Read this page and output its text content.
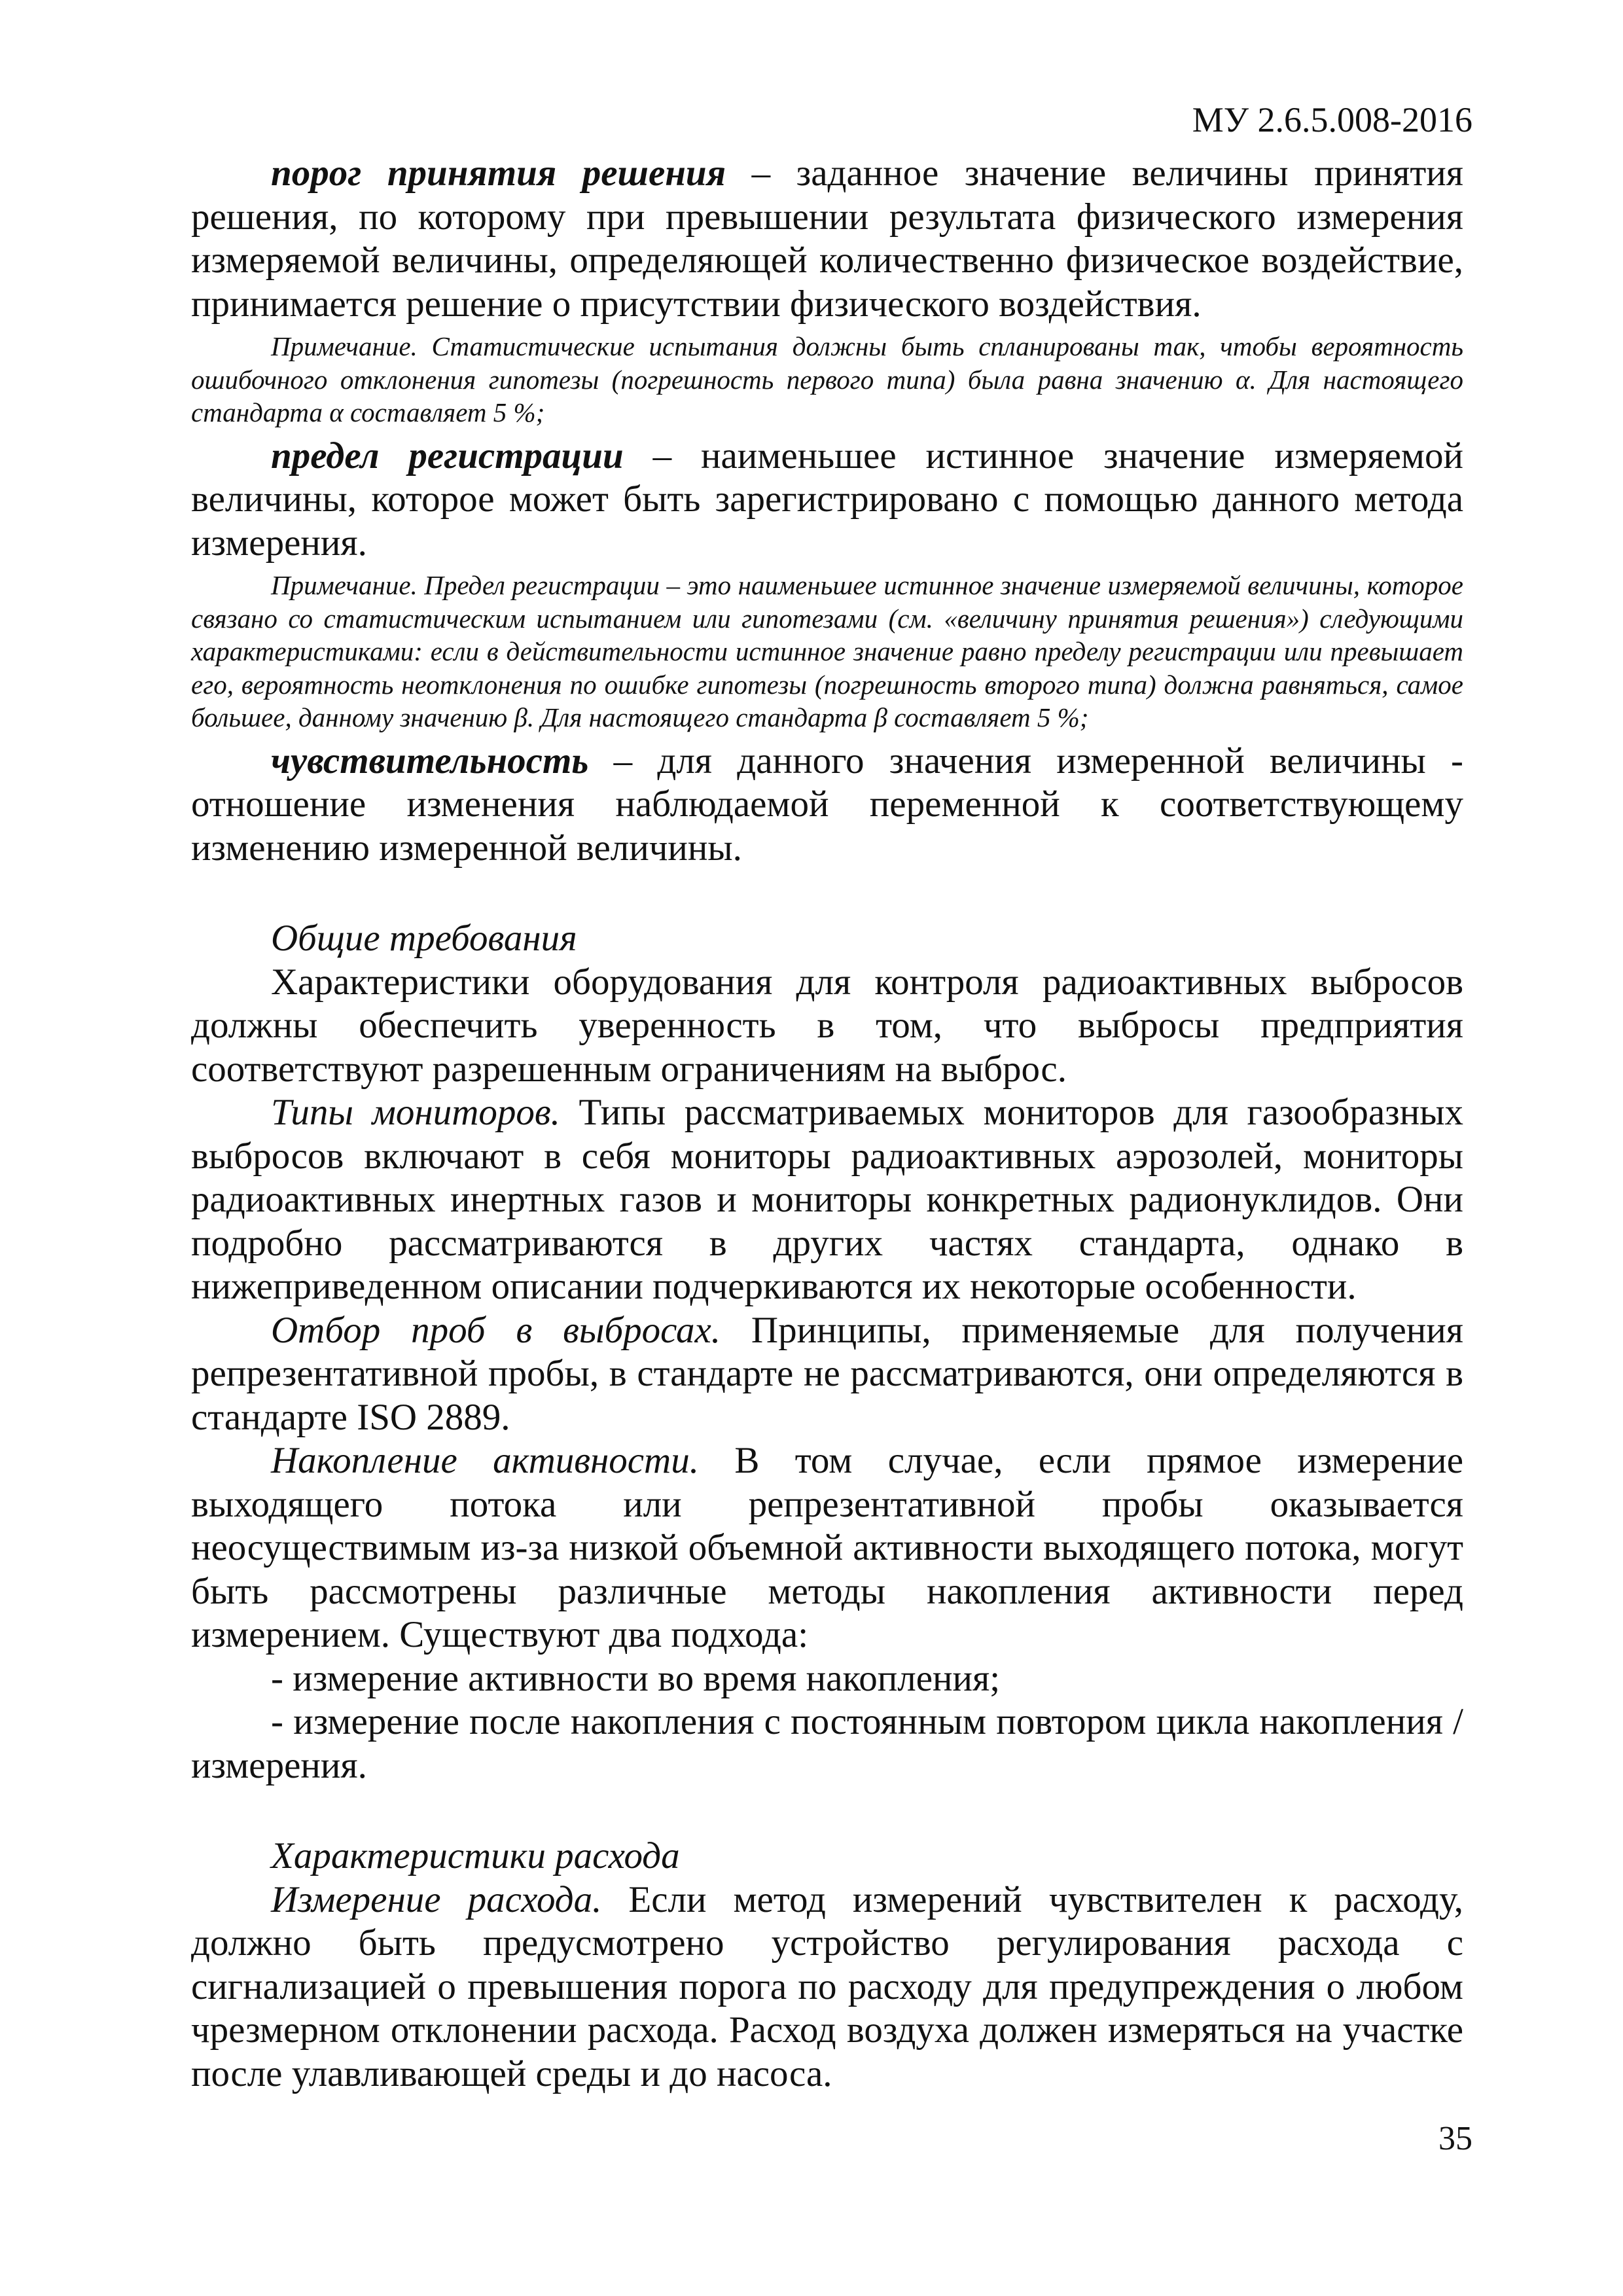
МУ 2.6.5.008-2016

порог принятия решения – заданное значение величины принятия решения, по которому при превышении результата физического измерения измеряемой величины, определяющей количественно физическое воздействие, принимается решение о присутствии физического воздействия.

Примечание. Статистические испытания должны быть спланированы так, чтобы вероятность ошибочного отклонения гипотезы (погрешность первого типа) была равна значению α. Для настоящего стандарта α составляет 5 %;

предел регистрации – наименьшее истинное значение измеряемой величины, которое может быть зарегистрировано с помощью данного метода измерения.

Примечание. Предел регистрации – это наименьшее истинное значение измеряемой величины, которое связано со статистическим испытанием или гипотезами (см. «величину принятия решения») следующими характеристиками: если в действительности истинное значение равно пределу регистрации или превышает его, вероятность неотклонения по ошибке гипотезы (погрешность второго типа) должна равняться, самое большее, данному значению β. Для настоящего стандарта β составляет 5 %;

чувствительность – для данного значения измеренной величины - отношение изменения наблюдаемой переменной к соответствующему изменению измеренной величины.

Общие требования

Характеристики оборудования для контроля радиоактивных выбросов должны обеспечить уверенность в том, что выбросы предприятия соответствуют разрешенным ограничениям на выброс.

Типы мониторов. Типы рассматриваемых мониторов для газообразных выбросов включают в себя мониторы радиоактивных аэрозолей, мониторы радиоактивных инертных газов и мониторы конкретных радионуклидов. Они подробно рассматриваются в других частях стандарта, однако в нижеприведенном описании подчеркиваются их некоторые особенности.

Отбор проб в выбросах. Принципы, применяемые для получения репрезентативной пробы, в стандарте не рассматриваются, они определяются в стандарте ISO 2889.

Накопление активности. В том случае, если прямое измерение выходящего потока или репрезентативной пробы оказывается неосуществимым из-за низкой объемной активности выходящего потока, могут быть рассмотрены различные методы накопления активности перед измерением. Существуют два подхода:

- измерение активности во время накопления;

- измерение после накопления с постоянным повтором цикла накопления /измерения.

Характеристики расхода

Измерение расхода. Если метод измерений чувствителен к расходу, должно быть предусмотрено устройство регулирования расхода с сигнализацией о превышения порога по расходу для предупреждения о любом чрезмерном отклонении расхода. Расход воздуха должен измеряться на участке после улавливающей среды и до насоса.

35
